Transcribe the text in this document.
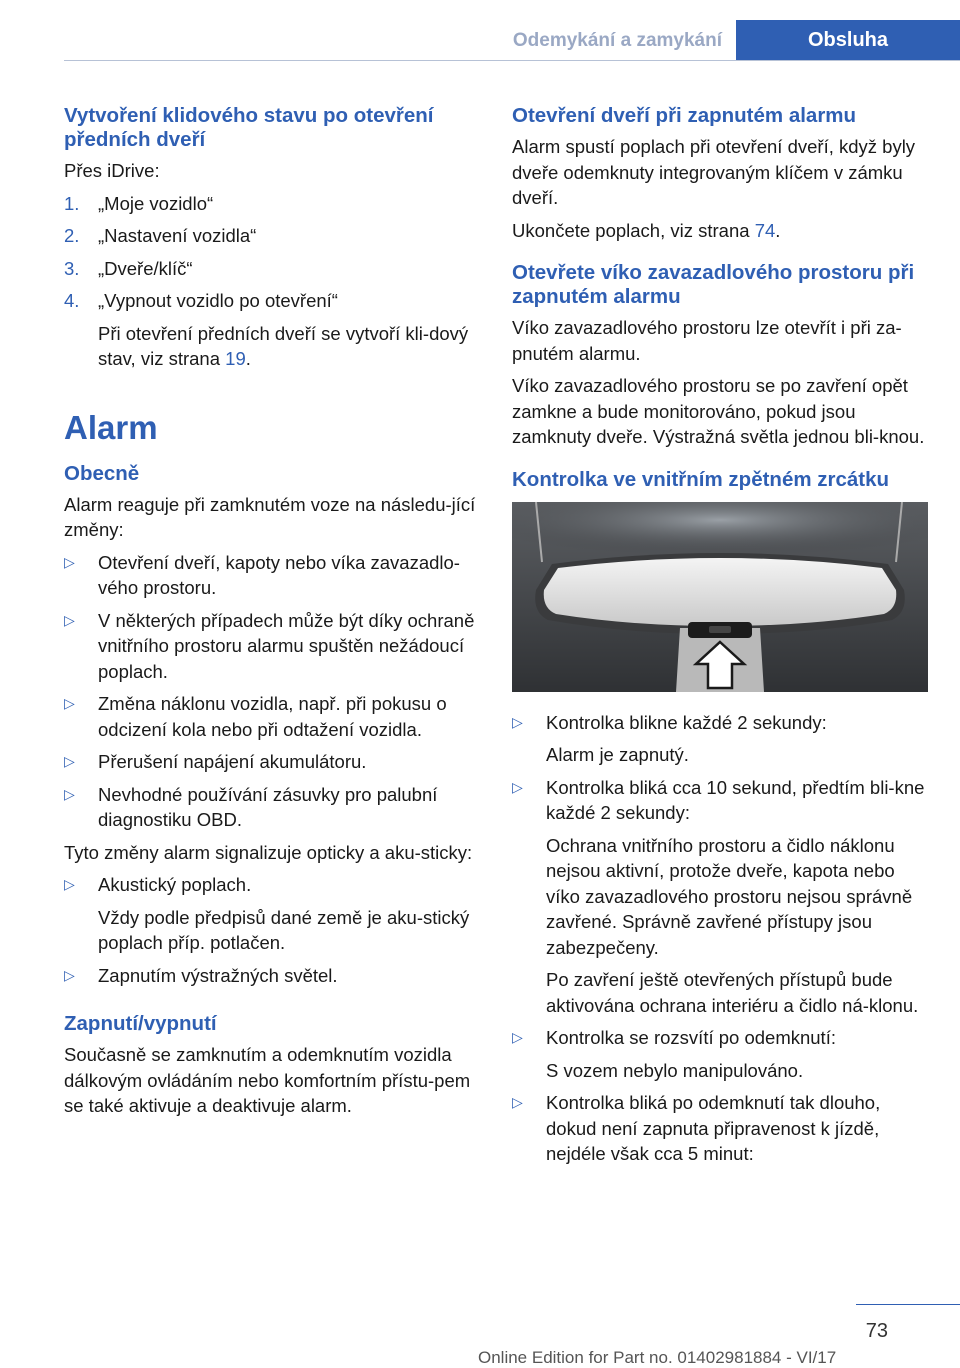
Odemykání a zamykání	Obsluha
Vytvoření klidového stavu po otevření předních dveří

Přes iDrive:

1. „Moje vozidlo“
2. „Nastavení vozidla“
3. „Dveře/klíč“
4. „Vypnout vozidlo po otevření“
Při otevření předních dveří se vytvoří kli-dový stav, viz strana 19.
Alarm
Obecně

Alarm reaguje při zamknutém voze na následu-jící změny:

▷ Otevření dveří, kapoty nebo víka zavazadlo-vého prostoru.
▷ V některých případech může být díky ochraně vnitřního prostoru alarmu spuštěn nežádoucí poplach.
▷ Změna náklonu vozidla, např. při pokusu o odcizení kola nebo při odtažení vozidla.
▷ Přerušení napájení akumulátoru.
▷ Nevhodné používání zásuvky pro palubní diagnostiku OBD.

Tyto změny alarm signalizuje opticky a aku-sticky:

▷ Akustický poplach.
Vždy podle předpisů dané země je aku-stický poplach příp. potlačen.
▷ Zapnutím výstražných světel.
Zapnutí/vypnutí

Současně se zamknutím a odemknutím vozidla dálkovým ovládáním nebo komfortním přístu-pem se také aktivuje a deaktivuje alarm.

Otevření dveří při zapnutém alarmu

Alarm spustí poplach při otevření dveří, když byly dveře odemknuty integrovaným klíčem v zámku dveří.

Ukončete poplach, viz strana 74.

Otevřete víko zavazadlového prostoru při zapnutém alarmu

Víko zavazadlového prostoru lze otevřít i při za-pnutém alarmu.

Víko zavazadlového prostoru se po zavření opět zamkne a bude monitorováno, pokud jsou zamknuty dveře. Výstražná světla jednou bli-knou.

Kontrolka ve vnitřním zpětném zrcátku
▷ Kontrolka blikne každé 2 sekundy:
Alarm je zapnutý.
▷ Kontrolka bliká cca 10 sekund, předtím bli-kne každé 2 sekundy:
Ochrana vnitřního prostoru a čidlo náklonu nejsou aktivní, protože dveře, kapota nebo víko zavazadlového prostoru nejsou správně zavřené. Správně zavřené přístupy jsou zabezpečeny.
Po zavření ještě otevřených přístupů bude aktivována ochrana interiéru a čidlo ná-klonu.
▷ Kontrolka se rozsvítí po odemknutí:
S vozem nebylo manipulováno.
▷ Kontrolka bliká po odemknutí tak dlouho, dokud není zapnuta připravenost k jízdě, nejdéle však cca 5 minut:
73
Online Edition for Part no. 01402981884 - VI/17
